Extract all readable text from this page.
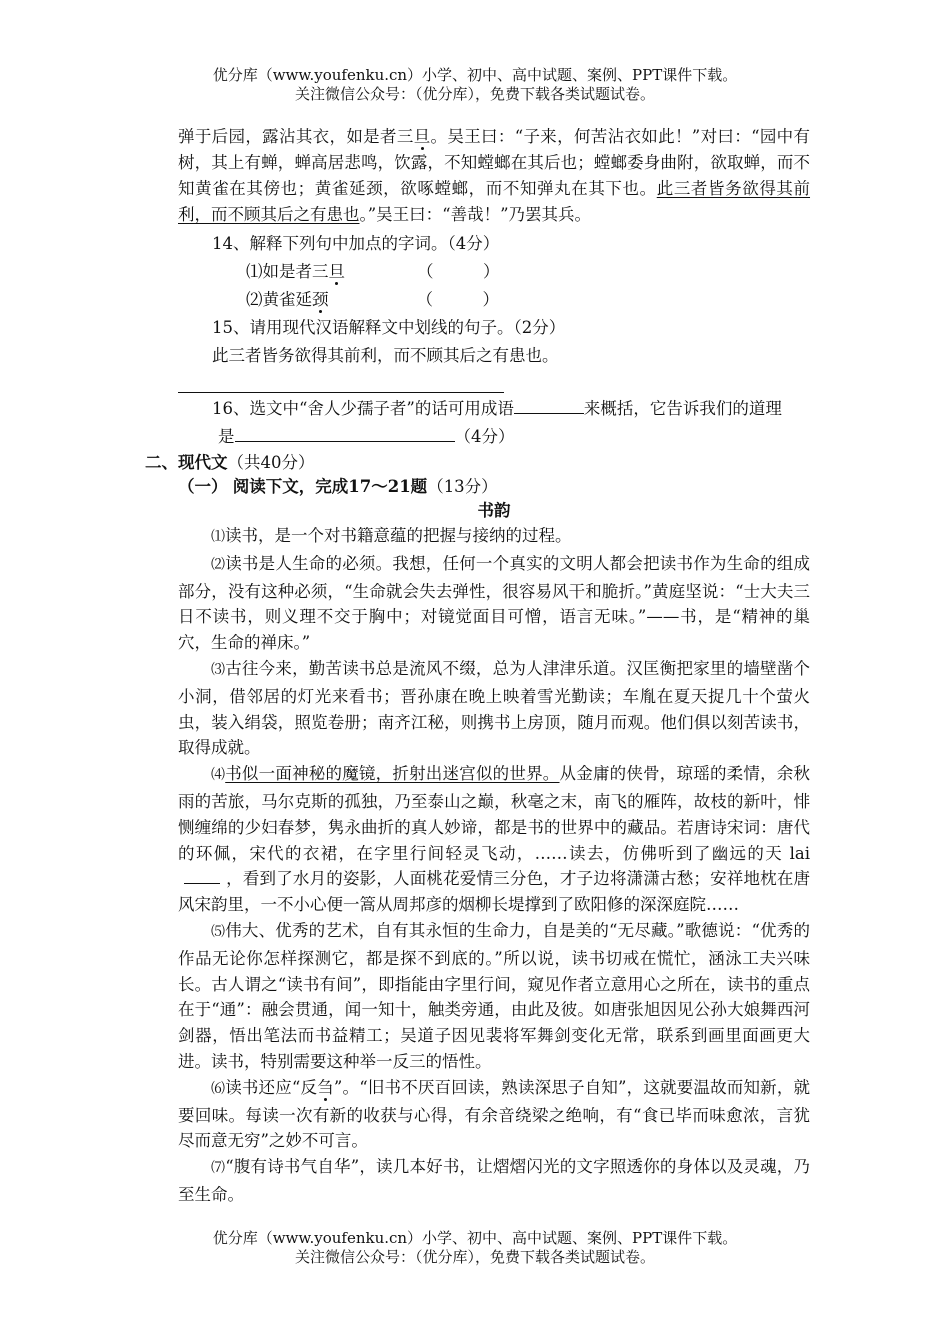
优分库（www.youfenku.cn）小学、初中、高中试题、案例、PPT课件下载。
关注微信公众号：（优分库），免费下载各类试题试卷。
弹于后园，露沾其衣，如是者三旦。吴王曰：“子来，何苦沾衣如此！”对曰：“园中有树，其上有蝉，蝉高居悲鸣，饮露，不知螳螂在其后也；螳螂委身曲附，欲取蝉，而不知黄雀在其傍也；黄雀延颈，欲啄螳螂，而不知弹丸在其下也。此三者皆务欲得其前利，而不顾其后之有患也。”吴王曰：“善哉！”乃罢其兵。
14、解释下列句中加点的字词。（4分）
⑴如是者三旦	（　　　）
⑵黄雀延颈	（　　　）
15、请用现代汉语解释文中划线的句子。（2分）
此三者皆务欲得其前利，而不顾其后之有患也。
16、选文中“舍人少孺子者”的话可用成语	来概括，它告诉我们的道理
是	（4分）
二、现代文（共40分）
（一） 阅读下文，完成17～21题（13分）
书韵
⑴读书，是一个对书籍意蕴的把握与接纳的过程。
⑵读书是人生命的必须。我想，任何一个真实的文明人都会把读书作为生命的组成部分，没有这种必须，“生命就会失去弹性，很容易风干和脆折。”黄庭坚说：“士大夫三日不读书，则义理不交于胸中；对镜觉面目可憎，语言无味。”——书，是“精神的巢穴，生命的禅床。”
⑶古往今来，勤苦读书总是流风不缀，总为人津津乐道。汉匡衡把家里的墙壁凿个小洞，借邻居的灯光来看书；晋孙康在晚上映着雪光勤读；车胤在夏天捉几十个萤火虫，装入绢袋，照览卷册；南齐江秘，则携书上房顶，随月而观。他们俱以刻苦读书，取得成就。
⑷书似一面神秘的魔镜，折射出迷宫似的世界。从金庸的侠骨，琼瑶的柔情，余秋雨的苦旅，马尔克斯的孤独，乃至泰山之巅，秋毫之末，南飞的雁阵，故枝的新叶，悱恻缠绵的少妇春梦，隽永曲折的真人妙谛，都是书的世界中的藏品。若唐诗宋词：唐代的环佩，宋代的衣裙，在字里行间轻灵飞动，……读去，仿佛听到了幽远的天 lai，看到了水月的姿影，人面桃花爱情三分色，才子边将潇潇古愁；安祥地枕在唐风宋韵里，一不小心便一篙从周邦彦的烟柳长堤撑到了欧阳修的深深庭院……
⑸伟大、优秀的艺术，自有其永恒的生命力，自是美的“无尽藏。”歌德说：“优秀的作品无论你怎样探测它，都是探不到底的。”所以说，读书切戒在慌忙，涵泳工夫兴味长。古人谓之“读书有间”，即指能由字里行间，窥见作者立意用心之所在，读书的重点在于“通”：融会贯通，闻一知十，触类旁通，由此及彼。如唐张旭因见公孙大娘舞西河剑器，悟出笔法而书益精工；吴道子因见裴将军舞剑变化无常，联系到画里面画更大进。读书，特别需要这种举一反三的悟性。
⑹读书还应“反刍”。“旧书不厌百回读，熟读深思子自知”，这就要温故而知新，就要回味。每读一次有新的收获与心得，有余音绕梁之绝响，有“食已毕而味愈浓，言犹尽而意无穷”之妙不可言。
⑺“腹有诗书气自华”，读几本好书，让熠熠闪光的文字照透你的身体以及灵魂，乃至生命。
优分库（www.youfenku.cn）小学、初中、高中试题、案例、PPT课件下载。
关注微信公众号：（优分库），免费下载各类试题试卷。
